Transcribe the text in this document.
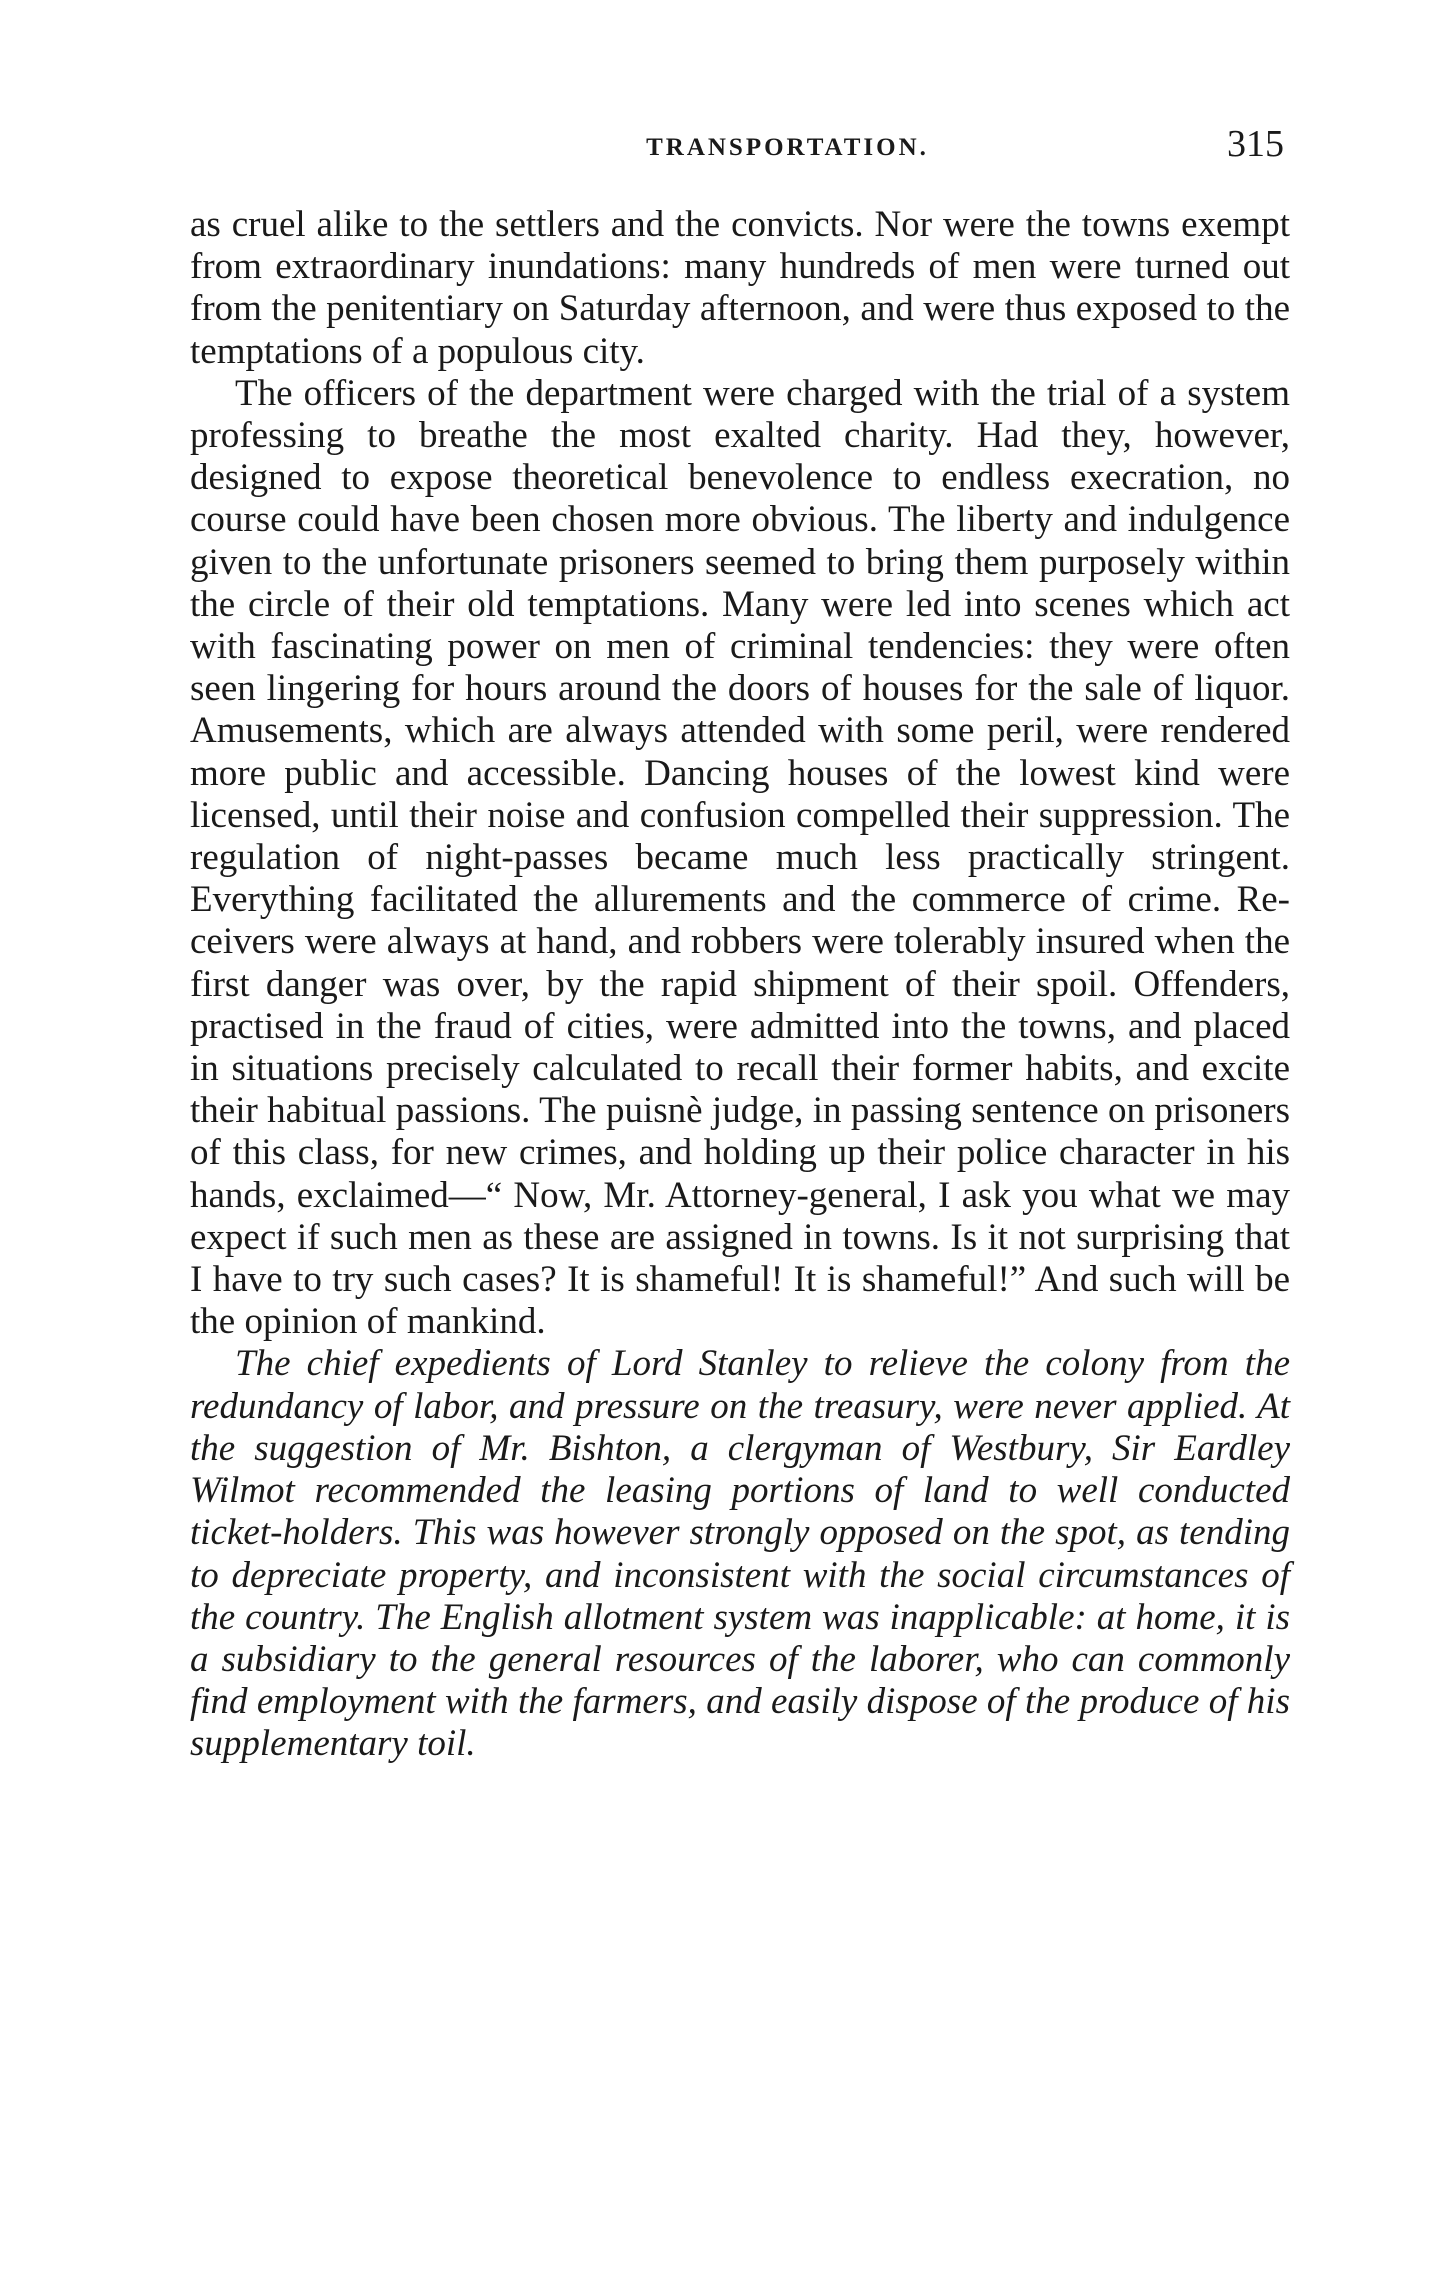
TRANSPORTATION.	315

as cruel alike to the settlers and the convicts. Nor were the towns exempt from extraordinary inundations: many hundreds of men were turned out from the penitentiary on Saturday afternoon, and were thus exposed to the temptations of a populous city.

The officers of the department were charged with the trial of a system professing to breathe the most exalted charity. Had they, however, designed to expose theoretical benevolence to endless execration, no course could have been chosen more obvious. The liberty and indulgence given to the unfortunate prisoners seemed to bring them purposely within the circle of their old temptations. Many were led into scenes which act with fascinating power on men of criminal tendencies: they were often seen lingering for hours around the doors of houses for the sale of liquor. Amusements, which are always attended with some peril, were rendered more public and accessible. Dancing houses of the lowest kind were licensed, until their noise and confusion compelled their suppression. The regulation of night-passes became much less practically stringent. Everything facilitated the allurements and the commerce of crime. Receivers were always at hand, and robbers were tolerably insured when the first danger was over, by the rapid shipment of their spoil. Offenders, practised in the fraud of cities, were admitted into the towns, and placed in situations precisely calculated to recall their former habits, and excite their habitual passions. The puisnè judge, in passing sentence on prisoners of this class, for new crimes, and holding up their police character in his hands, exclaimed—“ Now, Mr. Attorney-general, I ask you what we may expect if such men as these are assigned in towns. Is it not surprising that I have to try such cases? It is shameful! It is shameful!” And such will be the opinion of mankind.

The chief expedients of Lord Stanley to relieve the colony from the redundancy of labor, and pressure on the treasury, were never applied. At the suggestion of Mr. Bishton, a clergyman of Westbury, Sir Eardley Wilmot recommended the leasing portions of land to well conducted ticket-holders. This was however strongly opposed on the spot, as tending to depreciate property, and inconsistent with the social circumstances of the country. The English allotment system was inapplicable: at home, it is a subsidiary to the general resources of the laborer, who can commonly find employment with the farmers, and easily dispose of the produce of his supplementary toil.
